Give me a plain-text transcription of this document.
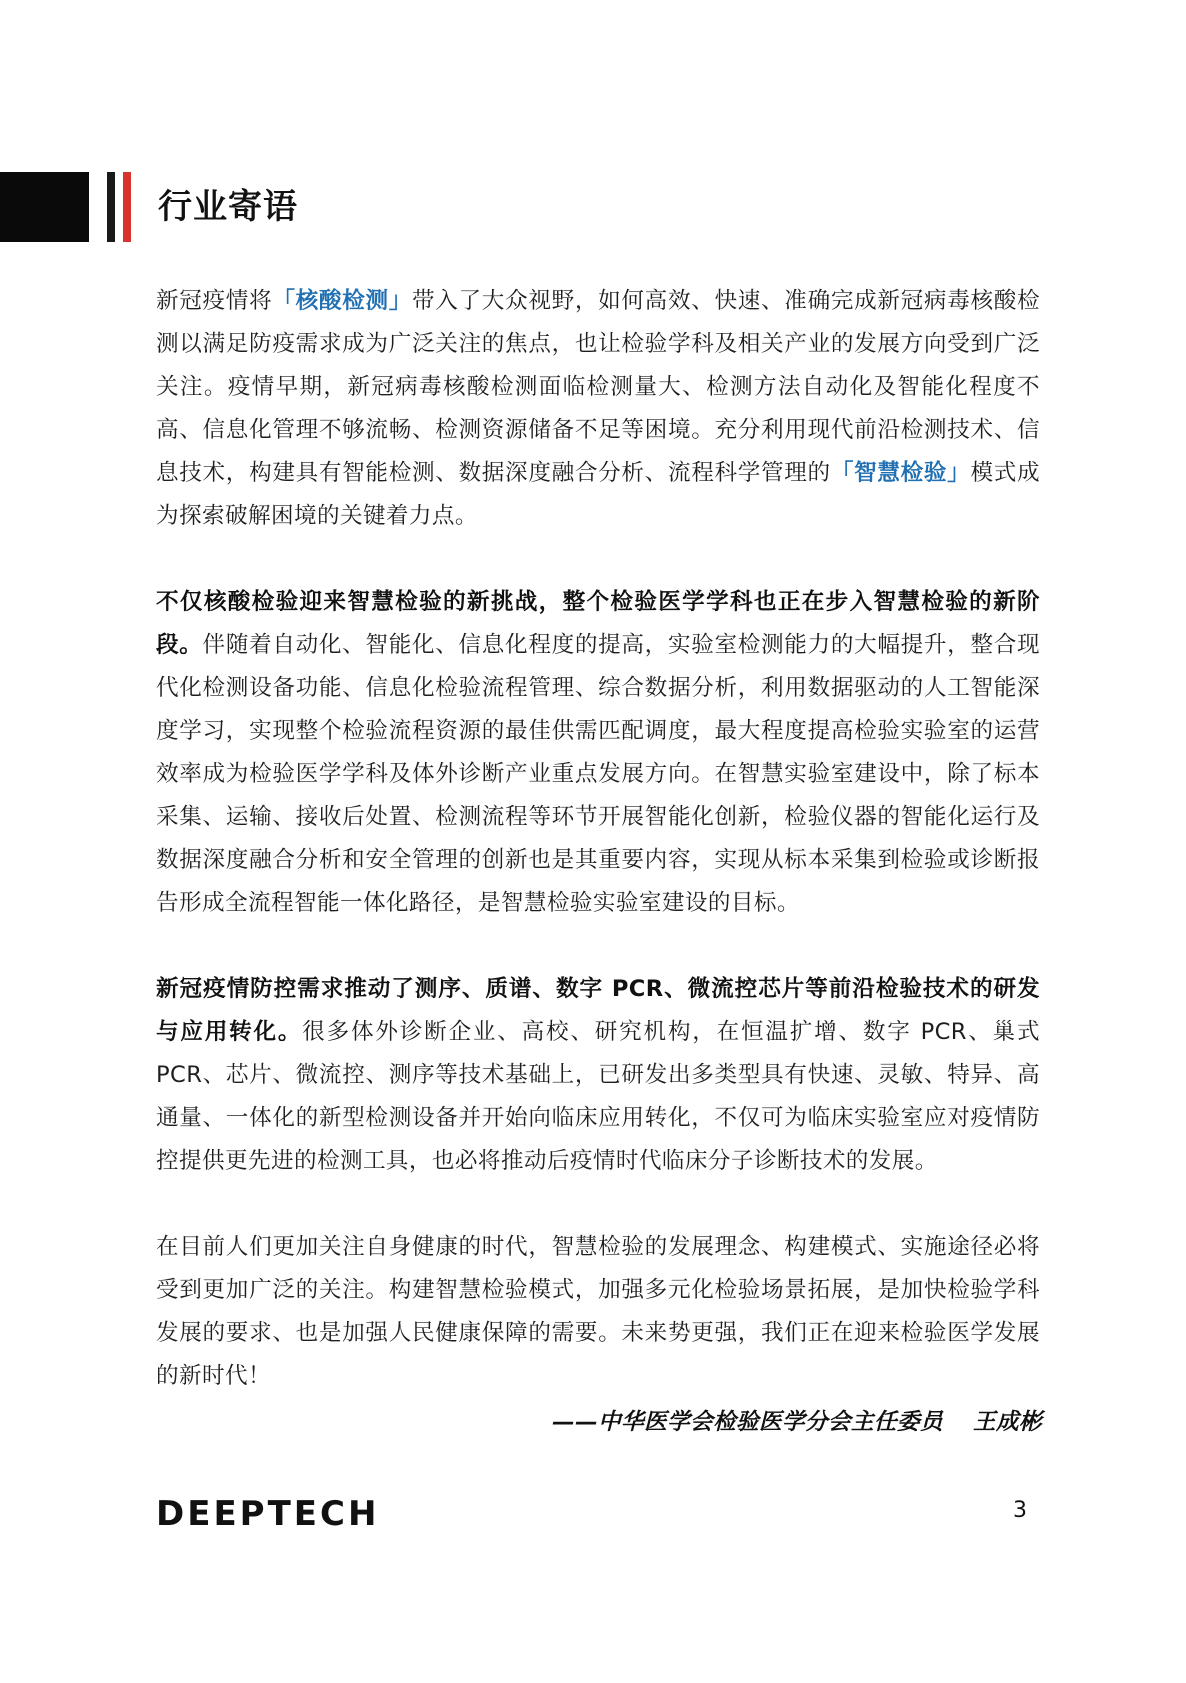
行业寄语

新冠疫情将「核酸检测」带入了大众视野，如何高效、快速、准确完成新冠病毒核酸检测以满足防疫需求成为广泛关注的焦点，也让检验学科及相关产业的发展方向受到广泛关注。疫情早期，新冠病毒核酸检测面临检测量大、检测方法自动化及智能化程度不高、信息化管理不够流畅、检测资源储备不足等困境。充分利用现代前沿检测技术、信息技术，构建具有智能检测、数据深度融合分析、流程科学管理的「智慧检验」模式成为探索破解困境的关键着力点。

不仅核酸检验迎来智慧检验的新挑战，整个检验医学学科也正在步入智慧检验的新阶段。伴随着自动化、智能化、信息化程度的提高，实验室检测能力的大幅提升，整合现代化检测设备功能、信息化检验流程管理、综合数据分析，利用数据驱动的人工智能深度学习，实现整个检验流程资源的最佳供需匹配调度，最大程度提高检验实验室的运营效率成为检验医学学科及体外诊断产业重点发展方向。在智慧实验室建设中，除了标本采集、运输、接收后处置、检测流程等环节开展智能化创新，检验仪器的智能化运行及数据深度融合分析和安全管理的创新也是其重要内容，实现从标本采集到检验或诊断报告形成全流程智能一体化路径，是智慧检验实验室建设的目标。

新冠疫情防控需求推动了测序、质谱、数字 PCR、微流控芯片等前沿检验技术的研发与应用转化。很多体外诊断企业、高校、研究机构，在恒温扩增、数字 PCR、巢式PCR、芯片、微流控、测序等技术基础上，已研发出多类型具有快速、灵敏、特异、高通量、一体化的新型检测设备并开始向临床应用转化，不仅可为临床实验室应对疫情防控提供更先进的检测工具，也必将推动后疫情时代临床分子诊断技术的发展。

在目前人们更加关注自身健康的时代，智慧检验的发展理念、构建模式、实施途径必将受到更加广泛的关注。构建智慧检验模式，加强多元化检验场景拓展，是加快检验学科发展的要求、也是加强人民健康保障的需要。未来势更强，我们正在迎来检验医学发展的新时代！

——中华医学会检验医学分会主任委员 王成彬

DEEPTECH	3
